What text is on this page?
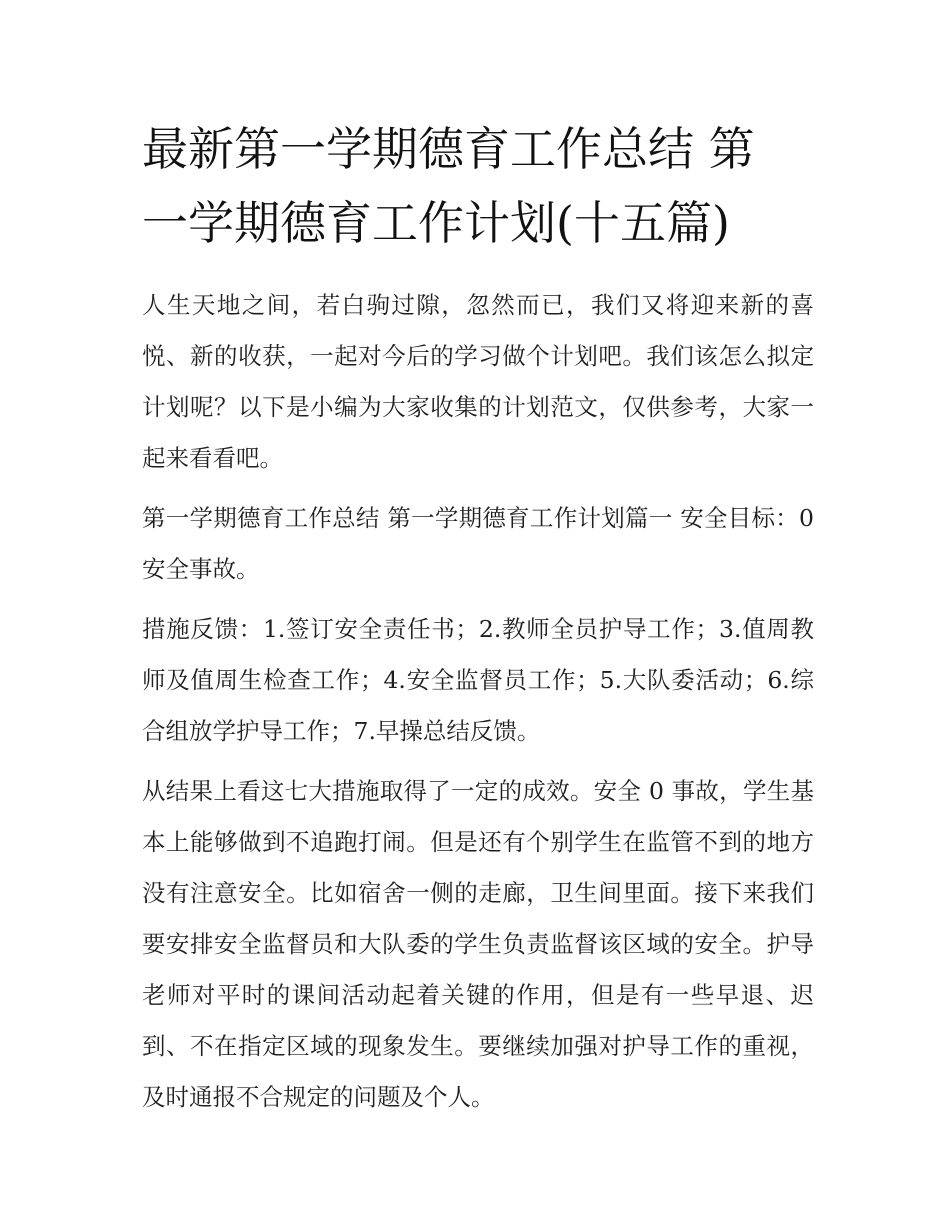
最新第一学期德育工作总结 第
一学期德育工作计划(十五篇)

人生天地之间，若白驹过隙，忽然而已，我们又将迎来新的喜悦、新的收获，一起对今后的学习做个计划吧。我们该怎么拟定计划呢？以下是小编为大家收集的计划范文，仅供参考，大家一起来看看吧。

第一学期德育工作总结 第一学期德育工作计划篇一 安全目标：0 安全事故。

措施反馈：1.签订安全责任书；2.教师全员护导工作；3.值周教师及值周生检查工作；4.安全监督员工作；5.大队委活动；6.综合组放学护导工作；7.早操总结反馈。

从结果上看这七大措施取得了一定的成效。安全 0 事故，学生基本上能够做到不追跑打闹。但是还有个别学生在监管不到的地方没有注意安全。比如宿舍一侧的走廊，卫生间里面。接下来我们要安排安全监督员和大队委的学生负责监督该区域的安全。护导老师对平时的课间活动起着关键的作用，但是有一些早退、迟到、不在指定区域的现象发生。要继续加强对护导工作的重视，及时通报不合规定的问题及个人。
